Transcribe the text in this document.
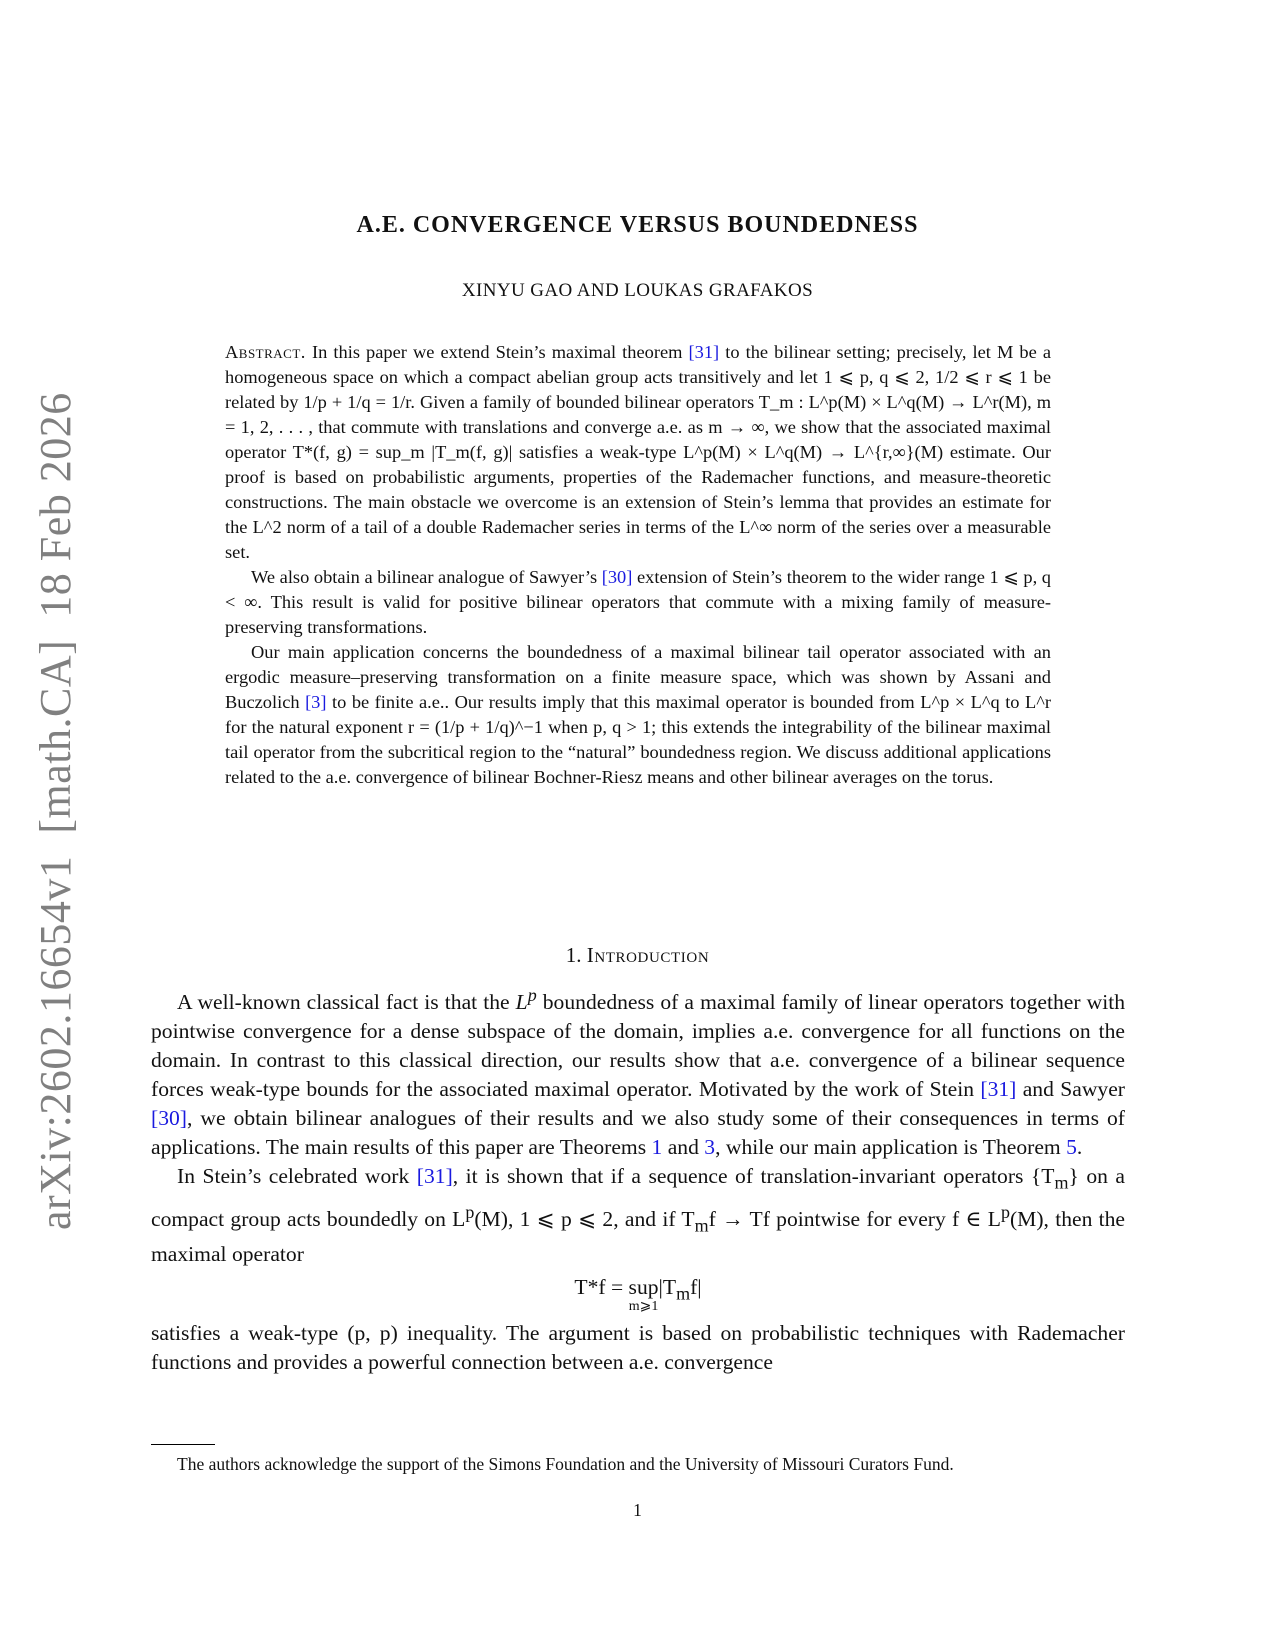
arXiv:2602.16654v1[math.CA]18 Feb 2026
A.E. CONVERGENCE VERSUS BOUNDEDNESS
XINYU GAO AND LOUKAS GRAFAKOS

Abstract. In this paper we extend Stein’s maximal theorem [31] to the bilinear setting; precisely, let M be a homogeneous space on which a compact abelian group acts transitively and let 1 ⩽ p, q ⩽ 2, 1/2 ⩽ r ⩽ 1 be related by 1/p + 1/q = 1/r. Given a family of bounded bilinear operators T_m : L^p(M) × L^q(M) → L^r(M), m = 1, 2, . . . , that commute with translations and converge a.e. as m → ∞, we show that the associated maximal operator T*(f, g) = sup_m |T_m(f, g)| satisfies a weak-type L^p(M) × L^q(M) → L^{r,∞}(M) estimate. Our proof is based on probabilistic arguments, properties of the Rademacher functions, and measure-theoretic constructions. The main obstacle we overcome is an extension of Stein’s lemma that provides an estimate for the L^2 norm of a tail of a double Rademacher series in terms of the L^∞ norm of the series over a measurable set.

We also obtain a bilinear analogue of Sawyer’s [30] extension of Stein’s theorem to the wider range 1 ⩽ p, q < ∞. This result is valid for positive bilinear operators that commute with a mixing family of measure-preserving transformations.

Our main application concerns the boundedness of a maximal bilinear tail operator associated with an ergodic measure–preserving transformation on a finite measure space, which was shown by Assani and Buczolich [3] to be finite a.e.. Our results imply that this maximal operator is bounded from L^p × L^q to L^r for the natural exponent r = (1/p + 1/q)^−1 when p, q > 1; this extends the integrability of the bilinear maximal tail operator from the subcritical region to the “natural” boundedness region. We discuss additional applications related to the a.e. convergence of bilinear Bochner-Riesz means and other bilinear averages on the torus.

1. Introduction

A well-known classical fact is that the $L^p$ boundedness of a maximal family of linear operators together with pointwise convergence for a dense subspace of the domain, implies a.e. convergence for all functions on the domain. In contrast to this classical direction, our results show that a.e. convergence of a bilinear sequence forces weak-type bounds for the associated maximal operator. Motivated by the work of Stein [31] and Sawyer [30], we obtain bilinear analogues of their results and we also study some of their consequences in terms of applications. The main results of this paper are Theorems 1 and 3, while our main application is Theorem 5.

In Stein’s celebrated work [31], it is shown that if a sequence of translation-invariant operators $\{T_m\}$ on a compact group acts boundedly on $L^p(M)$, 1 ⩽ p ⩽ 2, and if $T_mf \to Tf$ pointwise for every f ∈ $L^p(M)$, then the maximal operator

T*f = sup
m⩾1
$|T_mf|$

satisfies a weak-type (p, p) inequality. The argument is based on probabilistic techniques with Rademacher functions and provides a powerful connection between a.e. convergence

The authors acknowledge the support of the Simons Foundation and the University of Missouri Curators Fund.

1
